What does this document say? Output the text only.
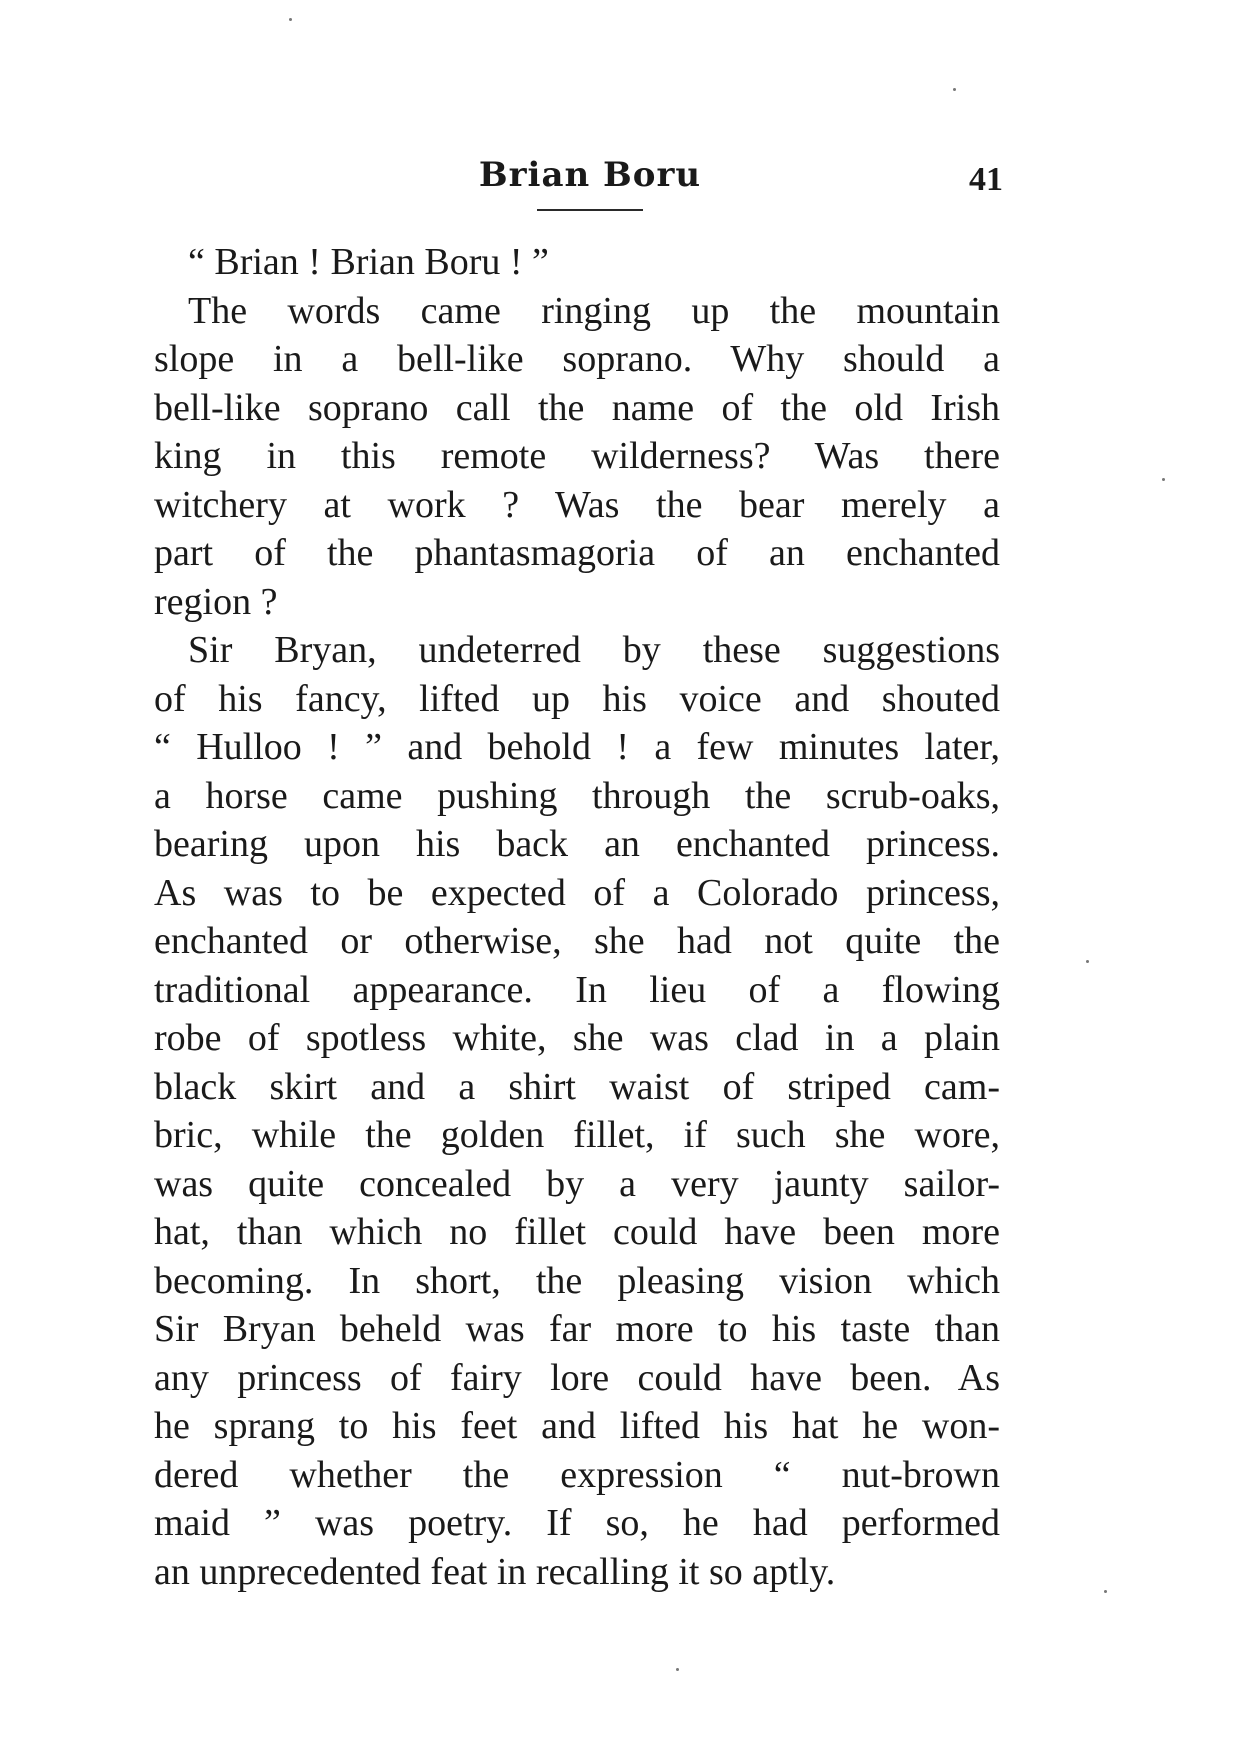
Brian Boru	41
“ Brian ! Brian Boru ! ”
The words came ringing up the mountain
slope in a bell-like soprano. Why should a
bell-like soprano call the name of the old Irish
king in this remote wilderness? Was there
witchery at work ? Was the bear merely a
part of the phantasmagoria of an enchanted
region ?
Sir Bryan, undeterred by these suggestions
of his fancy, lifted up his voice and shouted
“ Hulloo ! ” and behold ! a few minutes later,
a horse came pushing through the scrub-oaks,
bearing upon his back an enchanted princess.
As was to be expected of a Colorado princess,
enchanted or otherwise, she had not quite the
traditional appearance. In lieu of a flowing
robe of spotless white, she was clad in a plain
black skirt and a shirt waist of striped cam-
bric, while the golden fillet, if such she wore,
was quite concealed by a very jaunty sailor-
hat, than which no fillet could have been more
becoming. In short, the pleasing vision which
Sir Bryan beheld was far more to his taste than
any princess of fairy lore could have been. As
he sprang to his feet and lifted his hat he won-
dered whether the expression “ nut-brown
maid ” was poetry. If so, he had performed
an unprecedented feat in recalling it so aptly.
